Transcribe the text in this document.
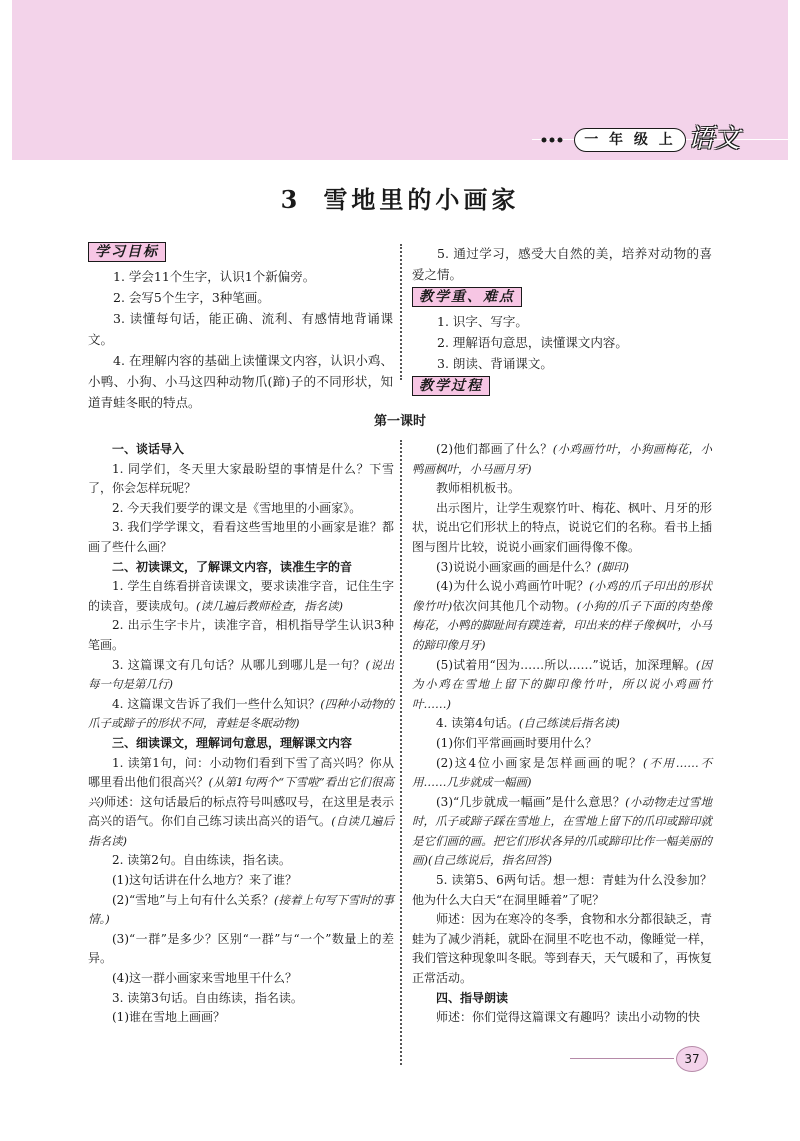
一 年 级 上 语文
3 雪地里的小画家
学习目标

1. 学会11个生字，认识1个新偏旁。

2. 会写5个生字，3种笔画。

3. 读懂每句话，能正确、流利、有感情地背诵课文。

4. 在理解内容的基础上读懂课文内容，认识小鸡、小鸭、小狗、小马这四种动物爪(蹄)子的不同形状，知道青蛙冬眠的特点。

5. 通过学习，感受大自然的美，培养对动物的喜爱之情。

教学重、难点

1. 识字、写字。

2. 理解语句意思，读懂课文内容。

3. 朗读、背诵课文。

教学过程
第一课时

一、谈话导入

1. 同学们，冬天里大家最盼望的事情是什么？下雪了，你会怎样玩呢？

2. 今天我们要学的课文是《雪地里的小画家》。

3. 我们学学课文，看看这些雪地里的小画家是谁？都画了些什么画？

二、初读课文，了解课文内容，读准生字的音

1. 学生自练看拼音读课文，要求读准字音，记住生字的读音，要读成句。(读几遍后教师检查，指名读)

2. 出示生字卡片，读准字音，相机指导学生认识3种笔画。

3. 这篇课文有几句话？从哪儿到哪儿是一句？(说出每一句是第几行)

4. 这篇课文告诉了我们一些什么知识？(四种小动物的爪子或蹄子的形状不同，青蛙是冬眠动物)

三、细读课文，理解词句意思，理解课文内容

1. 读第1句，问：小动物们看到下雪了高兴吗？你从哪里看出他们很高兴？(从第1句两个“下雪啦”看出它们很高兴)师述：这句话最后的标点符号叫感叹号，在这里是表示高兴的语气。你们自己练习读出高兴的语气。(自读几遍后指名读)

2. 读第2句。自由练读，指名读。

(1)这句话讲在什么地方？来了谁？

(2)“雪地”与上句有什么关系？(接着上句写下雪时的事情。)

(3)“一群”是多少？区别“一群”与“一个”数量上的差异。

(4)这一群小画家来雪地里干什么？

3. 读第3句话。自由练读，指名读。

(1)谁在雪地上画画？

(2)他们都画了什么？(小鸡画竹叶，小狗画梅花，小鸭画枫叶，小马画月牙)

教师相机板书。

出示图片，让学生观察竹叶、梅花、枫叶、月牙的形状，说出它们形状上的特点，说说它们的名称。看书上插图与图片比较，说说小画家们画得像不像。

(3)说说小画家画的画是什么？(脚印)

(4)为什么说小鸡画竹叶呢？(小鸡的爪子印出的形状像竹叶)依次问其他几个动物。(小狗的爪子下面的肉垫像梅花，小鸭的脚趾间有蹼连着，印出来的样子像枫叶，小马的蹄印像月牙)

(5)试着用“因为……所以……”说话，加深理解。(因为小鸡在雪地上留下的脚印像竹叶，所以说小鸡画竹叶……)

4. 读第4句话。(自己练读后指名读)

(1)你们平常画画时要用什么？

(2)这4位小画家是怎样画画的呢？(不用……不用……几步就成一幅画)

(3)“几步就成一幅画”是什么意思？(小动物走过雪地时，爪子或蹄子踩在雪地上，在雪地上留下的爪印或蹄印就是它们画的画。把它们形状各异的爪或蹄印比作一幅美丽的画)(自己练说后，指名回答)

5. 读第5、6两句话。想一想：青蛙为什么没参加？他为什么大白天“在洞里睡着”了呢？

师述：因为在寒冷的冬季，食物和水分都很缺乏，青蛙为了减少消耗，就卧在洞里不吃也不动，像睡觉一样，我们管这种现象叫冬眠。等到春天，天气暖和了，再恢复正常活动。

四、指导朗读

师述：你们觉得这篇课文有趣吗？读出小动物的快

37
